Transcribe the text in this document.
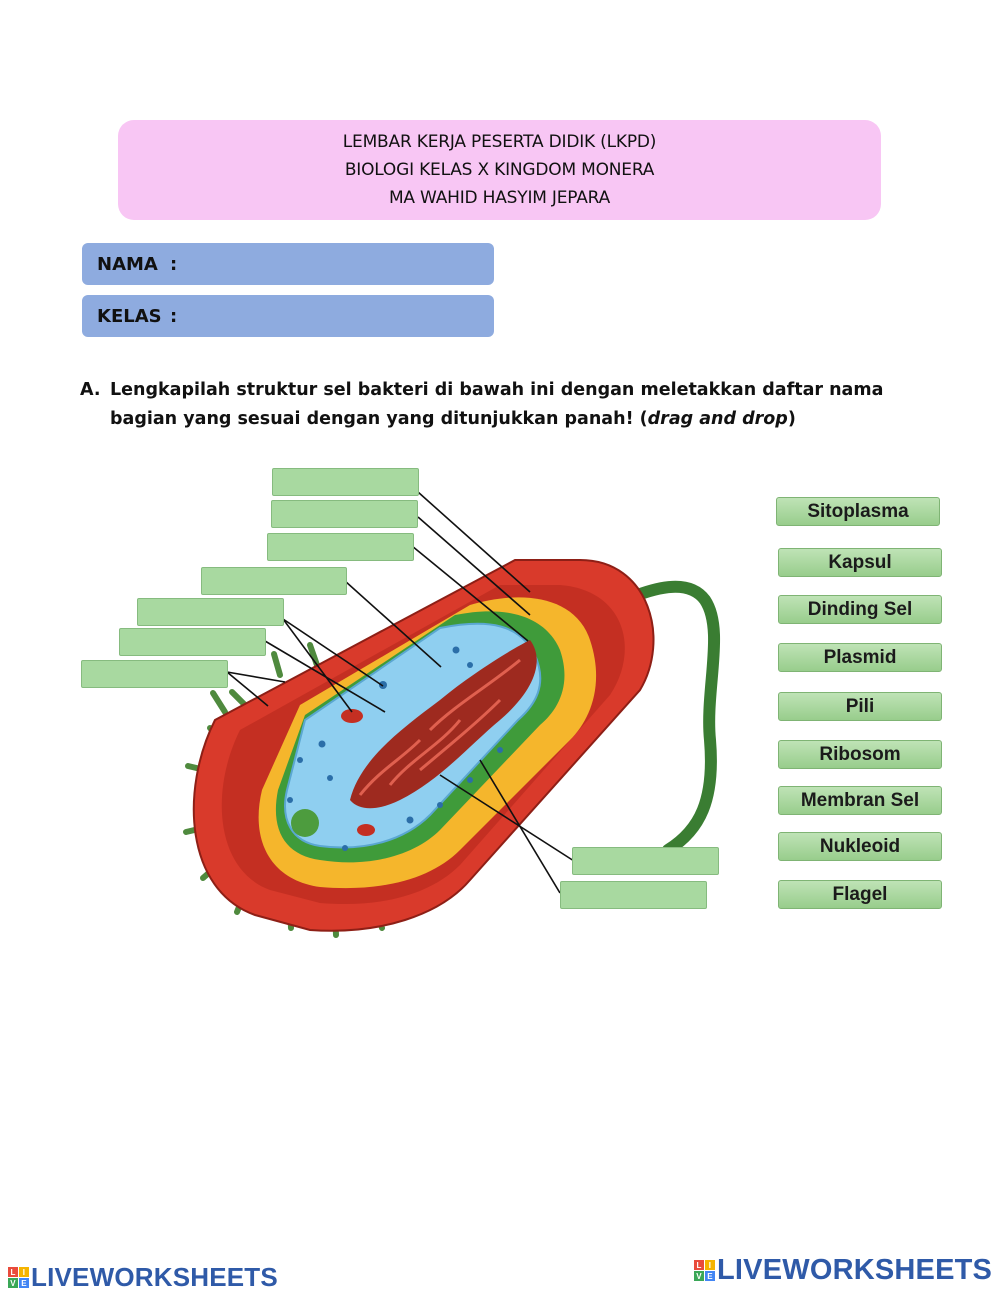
LEMBAR KERJA PESERTA DIDIK (LKPD)
BIOLOGI KELAS X KINGDOM MONERA
MA WAHID HASYIM JEPARA
NAMA :
KELAS :
A. Lengkapilah struktur sel bakteri di bawah ini dengan meletakkan daftar nama bagian yang sesuai dengan yang ditunjukkan panah! (drag and drop)
Sitoplasma
Kapsul
Dinding Sel
Plasmid
Pili
Ribosom
Membran Sel
Nukleoid
Flagel
L I
V E LIVEWORKSHEETS	L I
V E LIVEWORKSHEETS
